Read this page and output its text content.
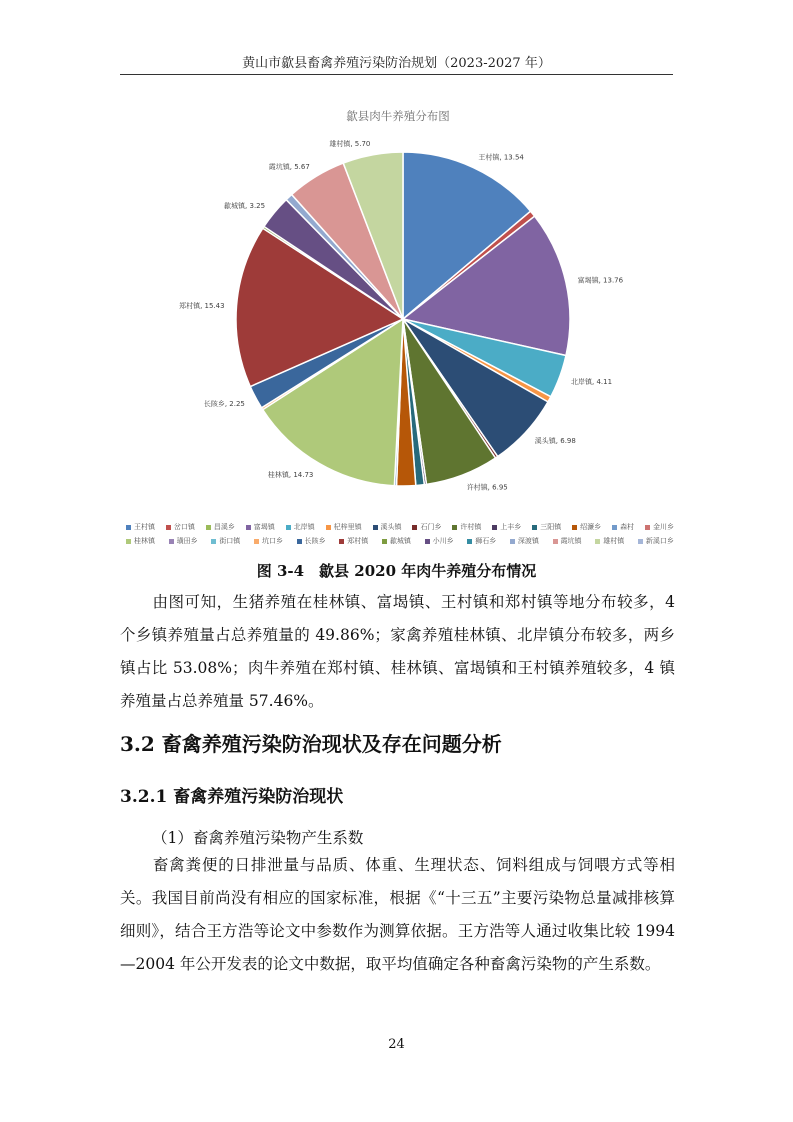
黄山市歙县畜禽养殖污染防治规划（2023-2027 年）
王村镇, 13.54
富堨镇, 13.76
北岸镇, 4.11
溪头镇, 6.98
许村镇, 6.95
桂林镇, 14.73
长陔乡, 2.25
郑村镇, 15.43
歙城镇, 3.25
霞坑镇, 5.67
雄村镇, 5.70
歙县肉牛养殖分布图
王村镇	岔口镇	昌溪乡	富堨镇	北岸镇	杞梓里镇	溪头镇	石门乡	许村镇	上丰乡	三阳镇	绍濂乡	森村	金川乡
桂林镇	璜田乡	街口镇	坑口乡	长陔乡	郑村镇	歙城镇	小川乡	狮石乡	深渡镇	霞坑镇	雄村镇	新溪口乡
图 3-4　歙县 2020 年肉牛养殖分布情况
由图可知，生猪养殖在桂林镇、富堨镇、王村镇和郑村镇等地分布较多，4 个乡镇养殖量占总养殖量的 49.86%；家禽养殖桂林镇、北岸镇分布较多，两乡镇占比 53.08%；肉牛养殖在郑村镇、桂林镇、富堨镇和王村镇养殖较多，4 镇养殖量占总养殖量 57.46%。
3.2 畜禽养殖污染防治现状及存在问题分析
3.2.1 畜禽养殖污染防治现状
（1）畜禽养殖污染物产生系数
畜禽粪便的日排泄量与品质、体重、生理状态、饲料组成与饲喂方式等相关。我国目前尚没有相应的国家标准，根据《“十三五”主要污染物总量减排核算细则》，结合王方浩等论文中参数作为测算依据。王方浩等人通过收集比较 1994—2004 年公开发表的论文中数据，取平均值确定各种畜禽污染物的产生系数。
24
